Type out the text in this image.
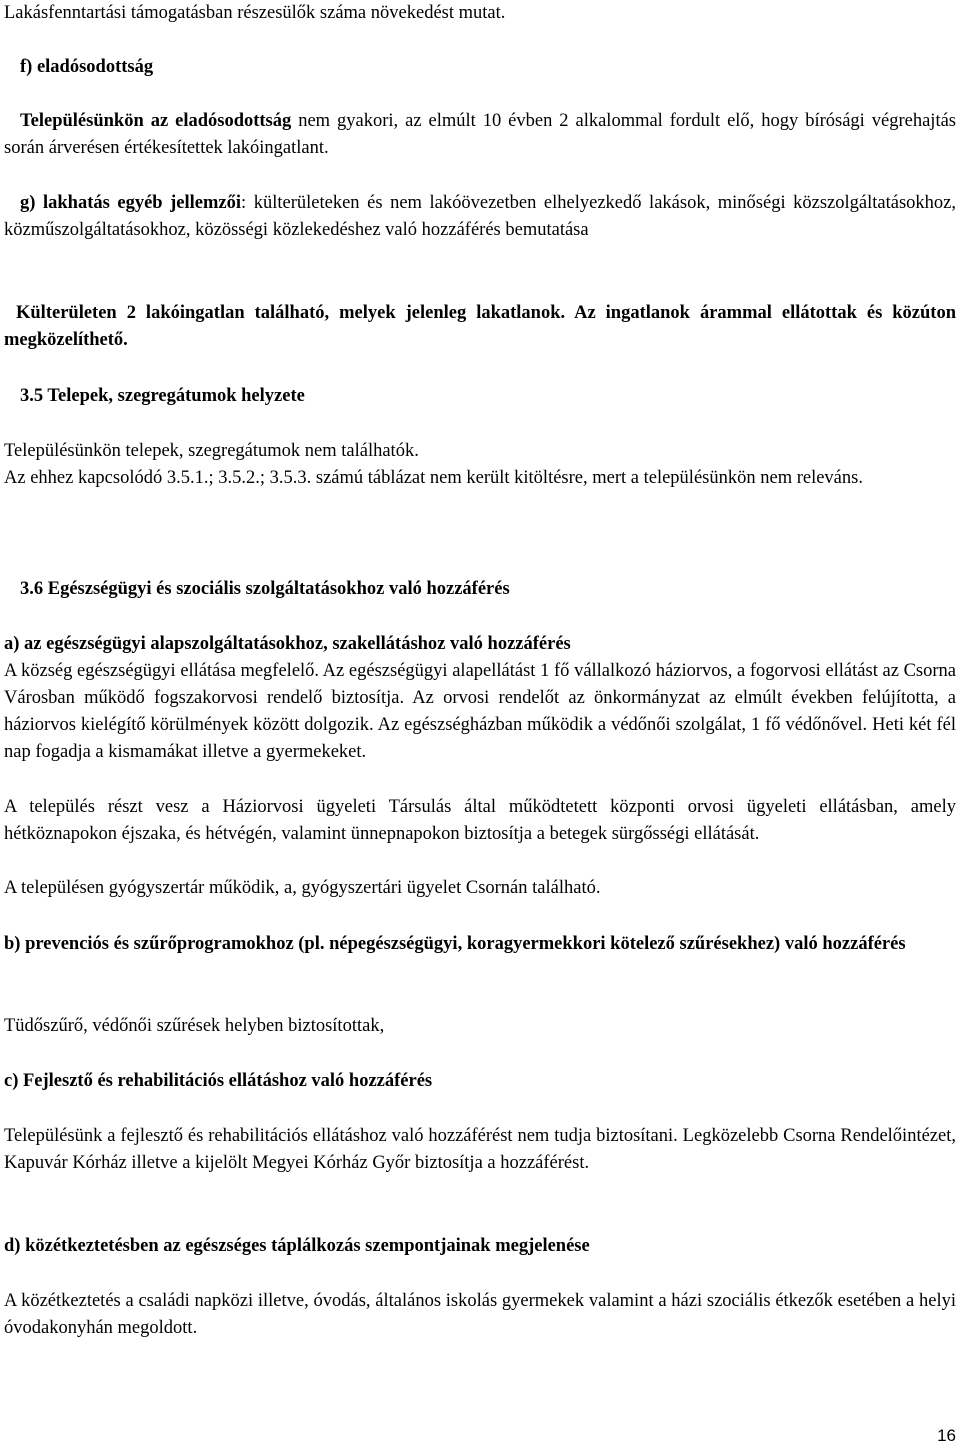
Lakásfenntartási támogatásban részesülők száma növekedést mutat.

f) eladósodottság

Településünkön az eladósodottság nem gyakori, az elmúlt 10 évben 2 alkalommal fordult elő, hogy bírósági végrehajtás során árverésen értékesítettek lakóingatlant.

g) lakhatás egyéb jellemzői: külterületeken és nem lakóövezetben elhelyezkedő lakások, minőségi közszolgáltatásokhoz, közműszolgáltatásokhoz, közösségi közlekedéshez való hozzáférés bemutatása

Külterületen 2 lakóingatlan található, melyek jelenleg lakatlanok. Az ingatlanok árammal ellátottak és közúton megközelíthető.

3.5 Telepek, szegregátumok helyzete

Településünkön telepek, szegregátumok nem találhatók.

Az ehhez kapcsolódó 3.5.1.; 3.5.2.; 3.5.3. számú táblázat nem került kitöltésre, mert a településünkön nem releváns.

3.6 Egészségügyi és szociális szolgáltatásokhoz való hozzáférés

a) az egészségügyi alapszolgáltatásokhoz, szakellátáshoz való hozzáférés

A község egészségügyi ellátása megfelelő. Az egészségügyi alapellátást 1 fő vállalkozó háziorvos, a fogorvosi ellátást az Csorna Városban működő fogszakorvosi rendelő biztosítja. Az orvosi rendelőt az önkormányzat az elmúlt években felújította, a háziorvos kielégítő körülmények között dolgozik. Az egészségházban működik a védőnői szolgálat, 1 fő védőnővel. Heti két fél nap fogadja a kismamákat illetve a gyermekeket.

A település részt vesz a Háziorvosi ügyeleti Társulás által működtetett központi orvosi ügyeleti ellátásban, amely hétköznapokon éjszaka, és hétvégén, valamint ünnepnapokon biztosítja a betegek sürgősségi ellátását.

A településen gyógyszertár működik, a, gyógyszertári ügyelet Csornán található.

b) prevenciós és szűrőprogramokhoz (pl. népegészségügyi, koragyermekkori kötelező szűrésekhez) való hozzáférés

Tüdőszűrő, védőnői szűrések helyben biztosítottak,

c) Fejlesztő és rehabilitációs ellátáshoz való hozzáférés

Településünk a fejlesztő és rehabilitációs ellátáshoz való hozzáférést nem tudja biztosítani. Legközelebb Csorna Rendelőintézet, Kapuvár Kórház illetve a kijelölt Megyei Kórház Győr biztosítja a hozzáférést.

d) közétkeztetésben az egészséges táplálkozás szempontjainak megjelenése

A közétkeztetés a családi napközi illetve, óvodás, általános iskolás gyermekek valamint a házi szociális étkezők esetében a helyi óvodakonyhán megoldott.

16
